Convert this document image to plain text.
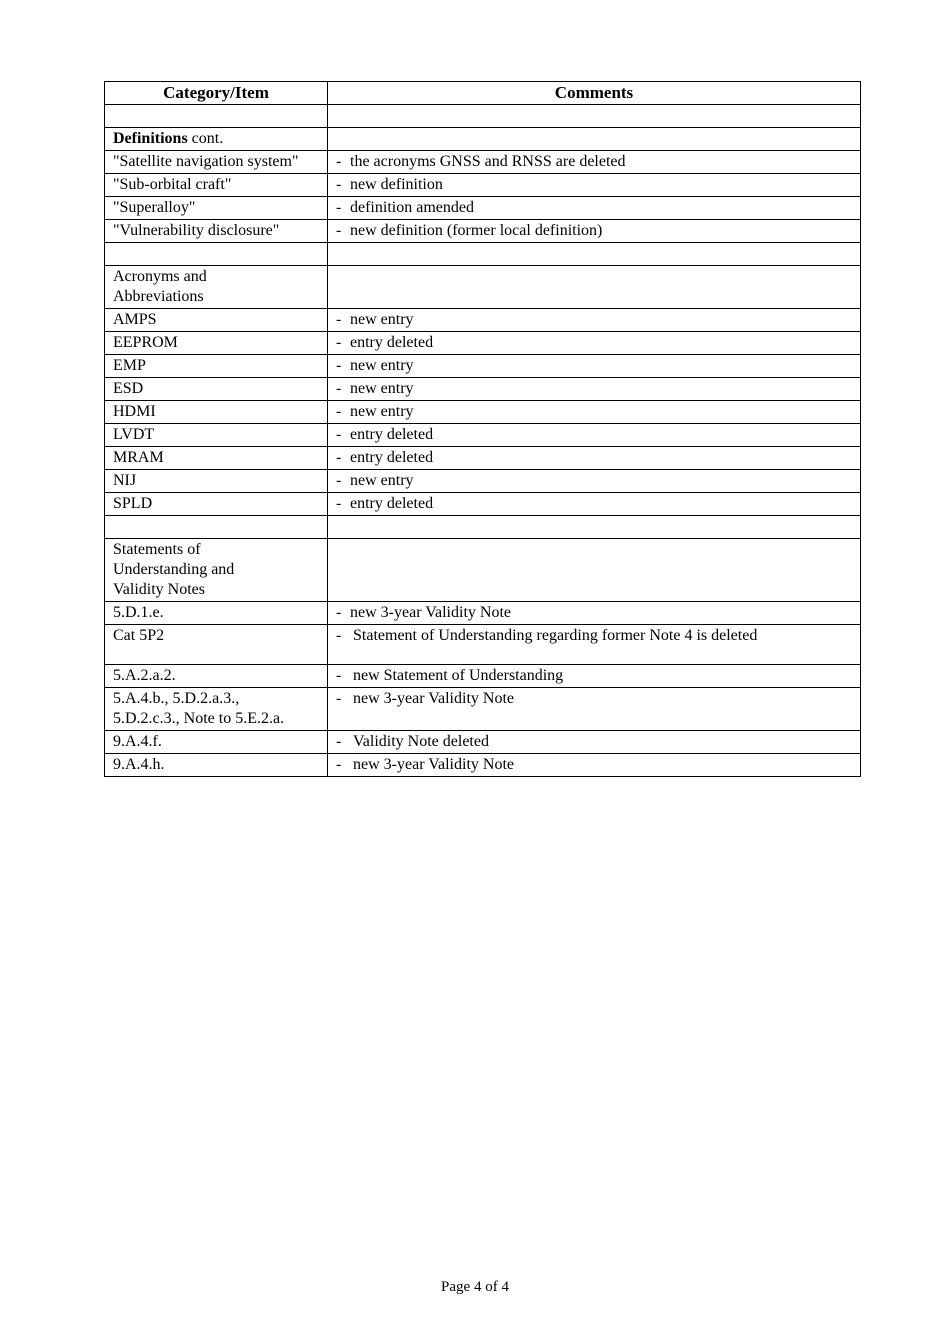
Category/Item	Comments

Definitions cont.	
"Satellite navigation system"	- the acronyms GNSS and RNSS are deleted
"Sub-orbital craft"	- new definition
"Superalloy"	- definition amended
"Vulnerability disclosure"	- new definition (former local definition)

Acronyms and
Abbreviations	

AMPS	- new entry
EEPROM	- entry deleted
EMP	- new entry
ESD	- new entry
HDMI	- new entry
LVDT	- entry deleted
MRAM	- entry deleted
NIJ	- new entry
SPLD	- entry deleted

Statements of
Understanding and
Validity Notes	

5.D.1.e.	- new 3-year Validity Note
Cat 5P2	- Statement of Understanding regarding former Note 4 is deleted
5.A.2.a.2.	- new Statement of Understanding

5.A.4.b., 5.D.2.a.3.,
5.D.2.c.3., Note to 5.E.2.a.	- new 3-year Validity Note
9.A.4.f.	- Validity Note deleted
9.A.4.h.	- new 3-year Validity Note
Page 4 of 4
